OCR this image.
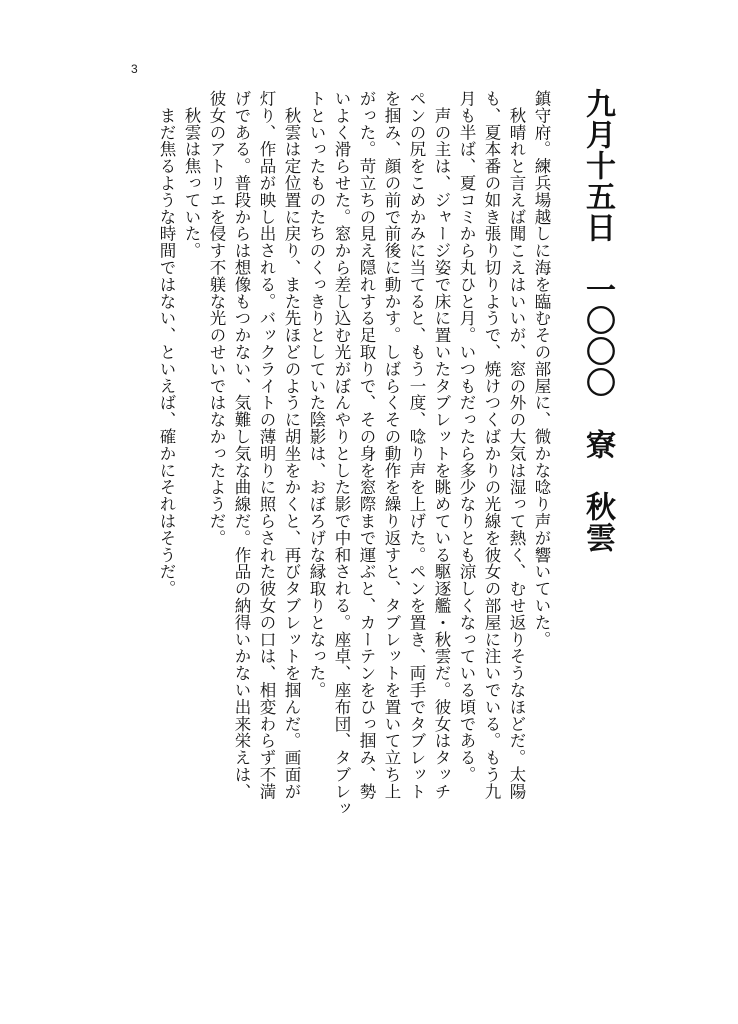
3
九月十五日　一〇〇〇　寮　秋雲

鎮守府。練兵場越しに海を臨むその部屋に、微かな唸り声が響いていた。

　秋晴れと言えば聞こえはいいが、窓の外の大気は湿って熱く、むせ返りそうなほどだ。太陽

も、夏本番の如き張り切りようで、焼けつくばかりの光線を彼女の部屋に注いでいる。もう九

月も半ば、夏コミから丸ひと月。いつもだったら多少なりとも涼しくなっている頃である。

　声の主は、ジャージ姿で床に置いたタブレットを眺めている駆逐艦・秋雲だ。彼女はタッチ

ペンの尻をこめかみに当てると、もう一度、唸り声を上げた。ペンを置き、両手でタブレット

を掴み、顔の前で前後に動かす。しばらくその動作を繰り返すと、タブレットを置いて立ち上

がった。苛立ちの見え隠れする足取りで、その身を窓際まで運ぶと、カーテンをひっ掴み、勢

いよく滑らせた。窓から差し込む光がぼんやりとした影で中和される。座卓、座布団、タブレッ

トといったものたちのくっきりとしていた陰影は、おぼろげな縁取りとなった。

　秋雲は定位置に戻り、また先ほどのように胡坐をかくと、再びタブレットを掴んだ。画面が

灯り、作品が映し出される。バックライトの薄明りに照らされた彼女の口は、相変わらず不満

げである。普段からは想像もつかない、気難し気な曲線だ。作品の納得いかない出来栄えは、

彼女のアトリエを侵す不躾な光のせいではなかったようだ。

　秋雲は焦っていた。

　まだ焦るような時間ではない、といえば、確かにそれはそうだ。
